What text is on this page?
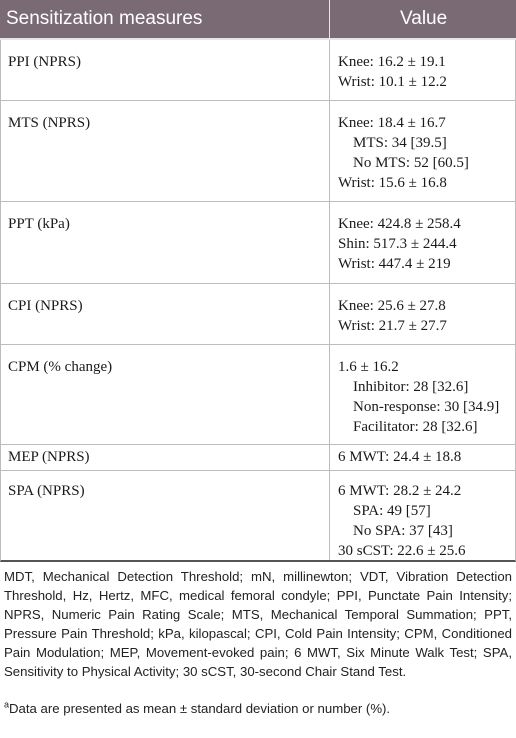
Sensitization measures	Value
PPI (NPRS)	Knee: 16.2 ± 19.1
Wrist: 10.1 ± 12.2
MTS (NPRS)	Knee: 18.4 ± 16.7
MTS: 34 [39.5]
No MTS: 52 [60.5]
Wrist: 15.6 ± 16.8
PPT (kPa)	Knee: 424.8 ± 258.4
Shin: 517.3 ± 244.4
Wrist: 447.4 ± 219
CPI (NPRS)	Knee: 25.6 ± 27.8
Wrist: 21.7 ± 27.7
CPM (% change)	1.6 ± 16.2
Inhibitor: 28 [32.6]
Non-response: 30 [34.9]
Facilitator: 28 [32.6]
MEP (NPRS)	6 MWT: 24.4 ± 18.8
SPA (NPRS)	6 MWT: 28.2 ± 24.2
SPA: 49 [57]
No SPA: 37 [43]
30 sCST: 22.6 ± 25.6
MDT, Mechanical Detection Threshold; mN, millinewton; VDT, Vibration Detection Threshold, Hz, Hertz, MFC, medical femoral condyle; PPI, Punctate Pain Intensity; NPRS, Numeric Pain Rating Scale; MTS, Mechanical Temporal Summation; PPT, Pressure Pain Threshold; kPa, kilopascal; CPI, Cold Pain Intensity; CPM, Conditioned Pain Modulation; MEP, Movement-evoked pain; 6 MWT, Six Minute Walk Test; SPA, Sensitivity to Physical Activity; 30 sCST, 30-second Chair Stand Test.
$^a$Data are presented as mean ± standard deviation or number (%).
